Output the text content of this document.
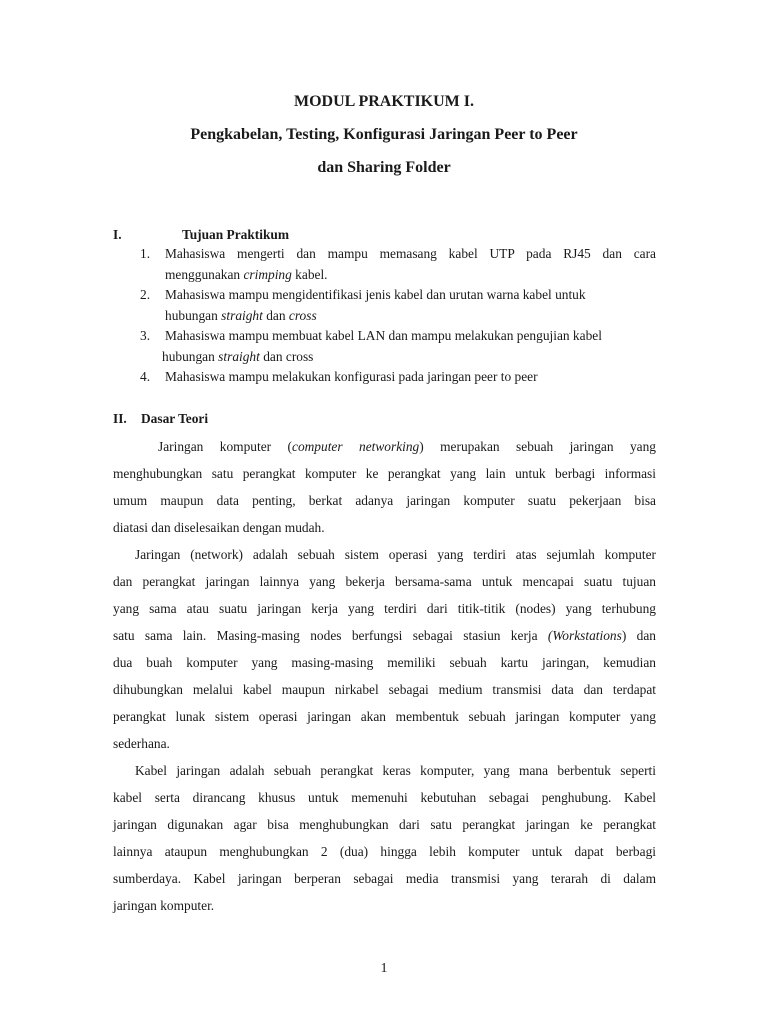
MODUL PRAKTIKUM I.
Pengkabelan, Testing, Konfigurasi Jaringan Peer to Peer
dan Sharing Folder
I.	Tujuan Praktikum
1. Mahasiswa mengerti dan mampu memasang kabel UTP pada RJ45 dan cara
menggunakan crimping kabel.
2. Mahasiswa mampu mengidentifikasi jenis kabel dan urutan warna kabel untuk
hubungan straight dan cross
3. Mahasiswa mampu membuat kabel LAN dan mampu melakukan pengujian kabel
hubungan straight dan cross
4. Mahasiswa mampu melakukan konfigurasi pada jaringan peer to peer
II. Dasar Teori
Jaringan komputer (computer networking) merupakan sebuah jaringan yang
menghubungkan satu perangkat komputer ke perangkat yang lain untuk berbagi informasi
umum maupun data penting, berkat adanya jaringan komputer suatu pekerjaan bisa
diatasi dan diselesaikan dengan mudah.
Jaringan (network) adalah sebuah sistem operasi yang terdiri atas sejumlah komputer
dan perangkat jaringan lainnya yang bekerja bersama-sama untuk mencapai suatu tujuan
yang sama atau suatu jaringan kerja yang terdiri dari titik-titik (nodes) yang terhubung
satu sama lain. Masing-masing nodes berfungsi sebagai stasiun kerja (Workstations) dan
dua buah komputer yang masing-masing memiliki sebuah kartu jaringan, kemudian
dihubungkan melalui kabel maupun nirkabel sebagai medium transmisi data dan terdapat
perangkat lunak sistem operasi jaringan akan membentuk sebuah jaringan komputer yang
sederhana.
Kabel jaringan adalah sebuah perangkat keras komputer, yang mana berbentuk seperti
kabel serta dirancang khusus untuk memenuhi kebutuhan sebagai penghubung. Kabel
jaringan digunakan agar bisa menghubungkan dari satu perangkat jaringan ke perangkat
lainnya ataupun menghubungkan 2 (dua) hingga lebih komputer untuk dapat berbagi
sumberdaya. Kabel jaringan berperan sebagai media transmisi yang terarah di dalam
jaringan komputer.
1
